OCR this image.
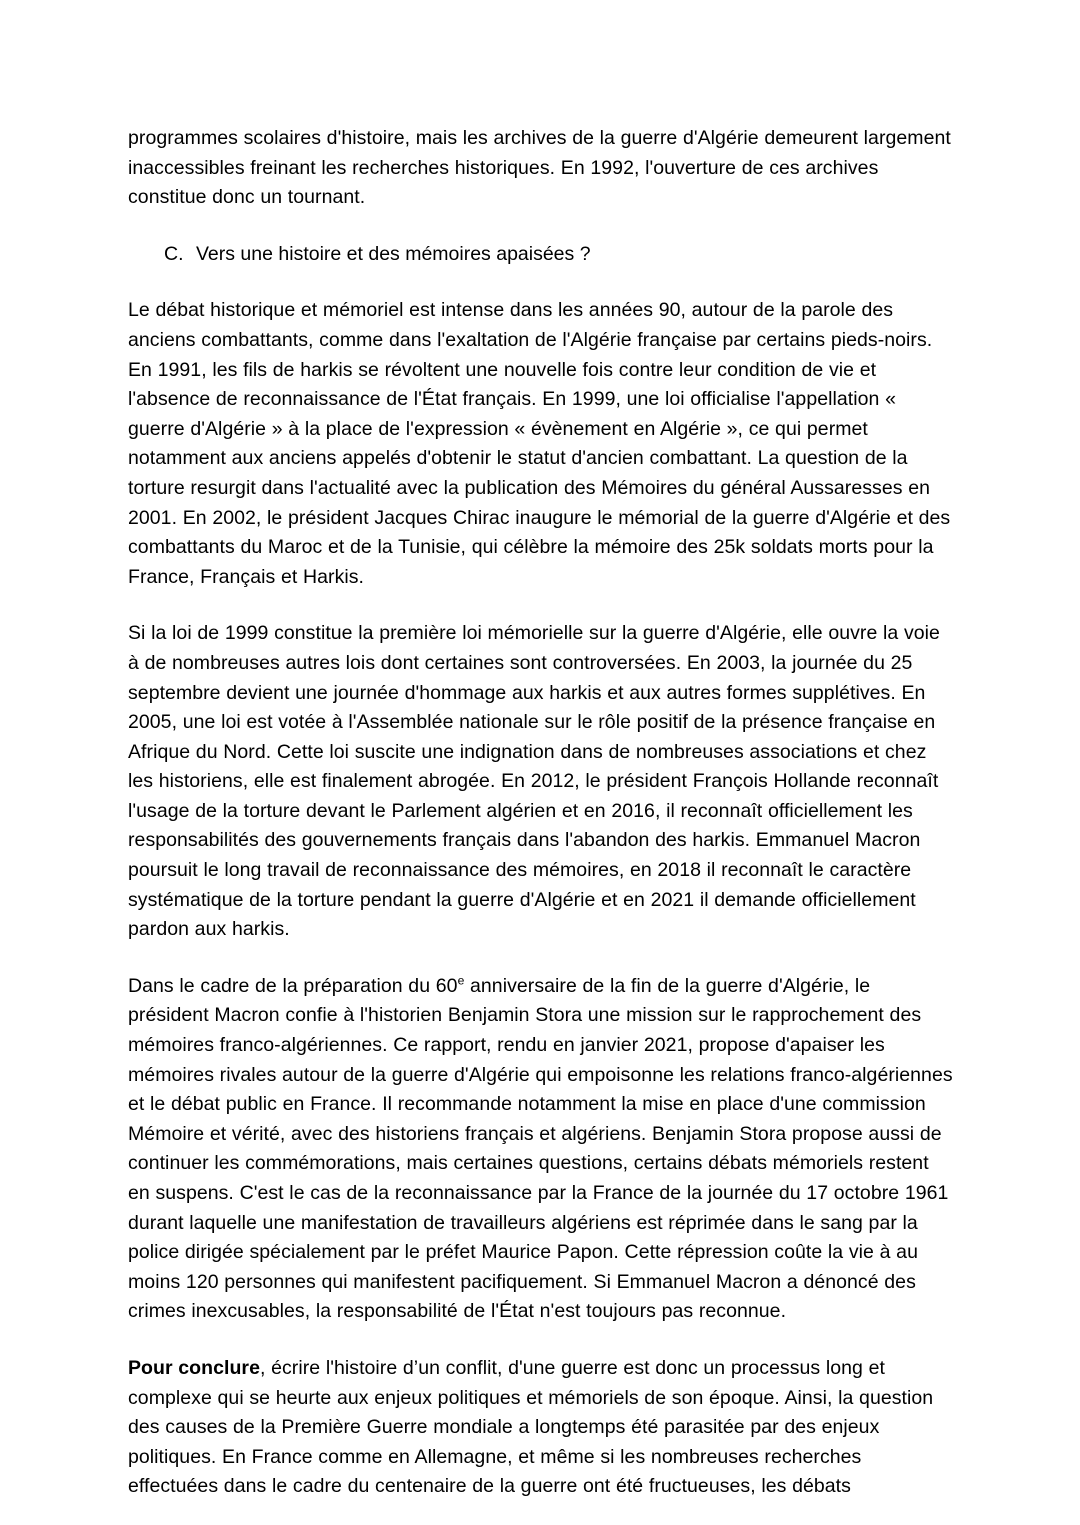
programmes scolaires d'histoire, mais les archives de la guerre d'Algérie demeurent largement inaccessibles freinant les recherches historiques. En 1992, l'ouverture de ces archives constitue donc un tournant.

C. Vers une histoire et des mémoires apaisées ?

Le débat historique et mémoriel est intense dans les années 90, autour de la parole des anciens combattants, comme dans l'exaltation de l'Algérie française par certains pieds-noirs. En 1991, les fils de harkis se révoltent une nouvelle fois contre leur condition de vie et l'absence de reconnaissance de l'État français. En 1999, une loi officialise l'appellation « guerre d'Algérie » à la place de l'expression « évènement en Algérie », ce qui permet notamment aux anciens appelés d'obtenir le statut d'ancien combattant. La question de la torture resurgit dans l'actualité avec la publication des Mémoires du général Aussaresses en 2001. En 2002, le président Jacques Chirac inaugure le mémorial de la guerre d'Algérie et des combattants du Maroc et de la Tunisie, qui célèbre la mémoire des 25k soldats morts pour la France, Français et Harkis.

Si la loi de 1999 constitue la première loi mémorielle sur la guerre d'Algérie, elle ouvre la voie à de nombreuses autres lois dont certaines sont controversées. En 2003, la journée du 25 septembre devient une journée d'hommage aux harkis et aux autres formes supplétives. En 2005, une loi est votée à l'Assemblée nationale sur le rôle positif de la présence française en Afrique du Nord. Cette loi suscite une indignation dans de nombreuses associations et chez les historiens, elle est finalement abrogée. En 2012, le président François Hollande reconnaît l'usage de la torture devant le Parlement algérien et en 2016, il reconnaît officiellement les responsabilités des gouvernements français dans l'abandon des harkis. Emmanuel Macron poursuit le long travail de reconnaissance des mémoires, en 2018 il reconnaît le caractère systématique de la torture pendant la guerre d'Algérie et en 2021 il demande officiellement pardon aux harkis.

Dans le cadre de la préparation du 60e anniversaire de la fin de la guerre d'Algérie, le président Macron confie à l'historien Benjamin Stora une mission sur le rapprochement des mémoires franco-algériennes. Ce rapport, rendu en janvier 2021, propose d'apaiser les mémoires rivales autour de la guerre d'Algérie qui empoisonne les relations franco-algériennes et le débat public en France. Il recommande notamment la mise en place d'une commission Mémoire et vérité, avec des historiens français et algériens. Benjamin Stora propose aussi de continuer les commémorations, mais certaines questions, certains débats mémoriels restent en suspens. C'est le cas de la reconnaissance par la France de la journée du 17 octobre 1961 durant laquelle une manifestation de travailleurs algériens est réprimée dans le sang par la police dirigée spécialement par le préfet Maurice Papon. Cette répression coûte la vie à au moins 120 personnes qui manifestent pacifiquement. Si Emmanuel Macron a dénoncé des crimes inexcusables, la responsabilité de l'État n'est toujours pas reconnue.

Pour conclure, écrire l'histoire d’un conflit, d'une guerre est donc un processus long et complexe qui se heurte aux enjeux politiques et mémoriels de son époque. Ainsi, la question des causes de la Première Guerre mondiale a longtemps été parasitée par des enjeux politiques. En France comme en Allemagne, et même si les nombreuses recherches effectuées dans le cadre du centenaire de la guerre ont été fructueuses, les débats
